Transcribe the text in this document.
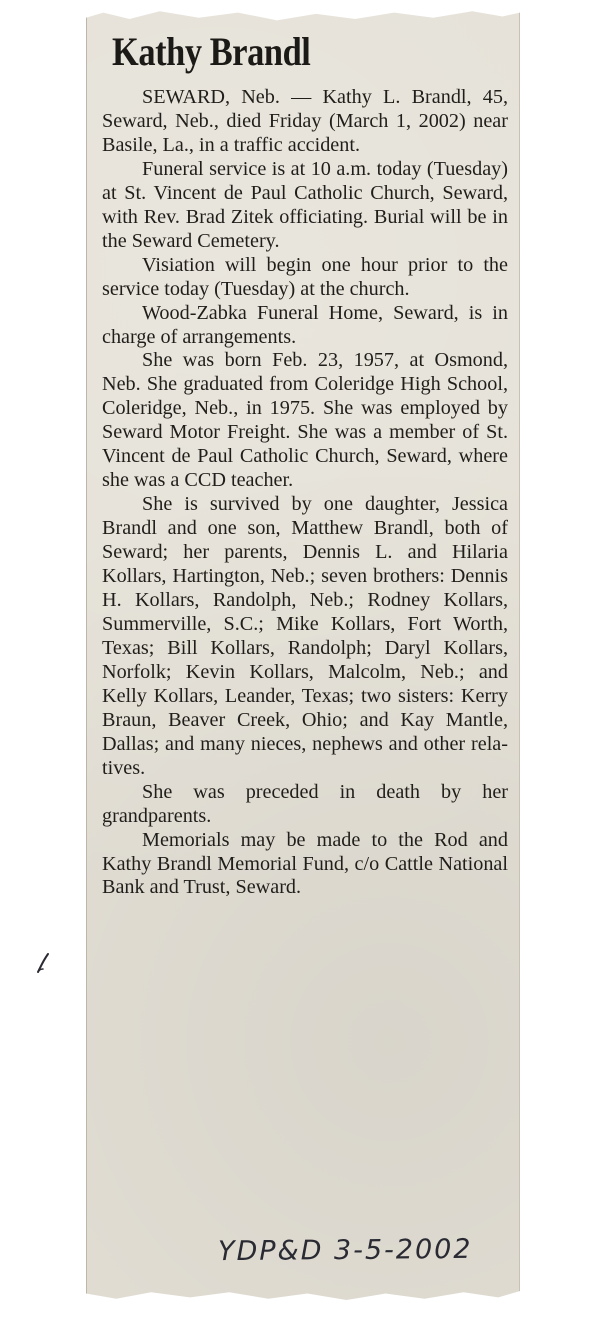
Kathy Brandl

SEWARD, Neb. — Kathy L. Brandl, 45, Seward, Neb., died Friday (March 1, 2002) near Basile, La., in a traffic accident.

Funeral service is at 10 a.m. today (Tuesday) at St. Vincent de Paul Catholic Church, Seward, with Rev. Brad Zitek officiating. Burial will be in the Seward Cemetery.

Visiation will begin one hour prior to the service today (Tuesday) at the church.

Wood-Zabka Funeral Home, Seward, is in charge of arrangements.

She was born Feb. 23, 1957, at Osmond, Neb. She graduated from Coleridge High School, Coleridge, Neb., in 1975. She was employed by Seward Motor Freight. She was a member of St. Vincent de Paul Catholic Church, Seward, where she was a CCD teacher.

She is survived by one daughter, Jessica Brandl and one son, Matthew Brandl, both of Seward; her parents, Dennis L. and Hilaria Kollars, Hartington, Neb.; seven brothers: Dennis H. Kollars, Randolph, Neb.; Rodney Kollars, Summerville, S.C.; Mike Kollars, Fort Worth, Texas; Bill Kollars, Randolph; Daryl Kollars, Norfolk; Kevin Kollars, Malcolm, Neb.; and Kelly Kollars, Leander, Texas; two sisters: Kerry Braun, Beaver Creek, Ohio; and Kay Mantle, Dallas; and many nieces, nephews and other relatives.

She was preceded in death by her grandparents.

Memorials may be made to the Rod and Kathy Brandl Memorial Fund, c/o Cattle National Bank and Trust, Seward.

YDP&D 3-5-2002
